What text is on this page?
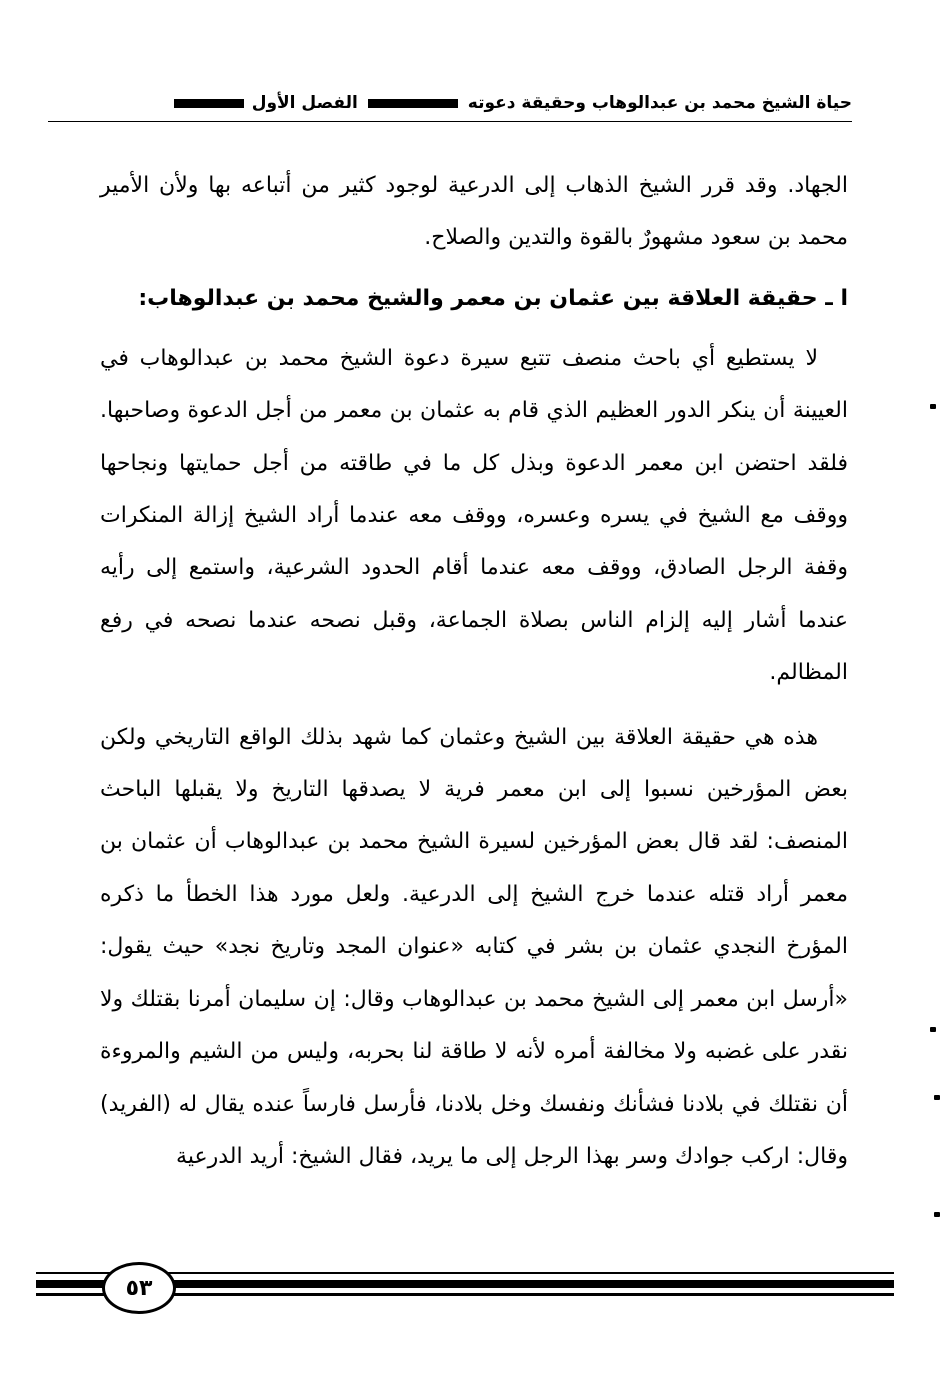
حياة الشيخ محمد بن عبدالوهاب وحقيقة دعوته
الفصل الأول

الجهاد. وقد قرر الشيخ الذهاب إلى الدرعية لوجود كثير من أتباعه بها ولأن الأمير محمد بن سعود مشهورٌ بالقوة والتدين والصلاح.

ا ـ حقيقة العلاقة بين عثمان بن معمر والشيخ محمد بن عبدالوهاب:

لا يستطيع أي باحث منصف تتبع سيرة دعوة الشيخ محمد بن عبدالوهاب في العيينة أن ينكر الدور العظيم الذي قام به عثمان بن معمر من أجل الدعوة وصاحبها. فلقد احتضن ابن معمر الدعوة وبذل كل ما في طاقته من أجل حمايتها ونجاحها ووقف مع الشيخ في يسره وعسره، ووقف معه عندما أراد الشيخ إزالة المنكرات وقفة الرجل الصادق، ووقف معه عندما أقام الحدود الشرعية، واستمع إلى رأيه عندما أشار إليه إلزام الناس بصلاة الجماعة، وقبل نصحه عندما نصحه في رفع المظالم.

هذه هي حقيقة العلاقة بين الشيخ وعثمان كما شهد بذلك الواقع التاريخي ولكن بعض المؤرخين نسبوا إلى ابن معمر فرية لا يصدقها التاريخ ولا يقبلها الباحث المنصف: لقد قال بعض المؤرخين لسيرة الشيخ محمد بن عبدالوهاب أن عثمان بن معمر أراد قتله عندما خرج الشيخ إلى الدرعية. ولعل مورد هذا الخطأ ما ذكره المؤرخ النجدي عثمان بن بشر في كتابه «عنوان المجد وتاريخ نجد» حيث يقول: «أرسل ابن معمر إلى الشيخ محمد بن عبدالوهاب وقال: إن سليمان أمرنا بقتلك ولا نقدر على غضبه ولا مخالفة أمره لأنه لا طاقة لنا بحربه، وليس من الشيم والمروءة أن نقتلك في بلادنا فشأنك ونفسك وخل بلادنا، فأرسل فارساً عنده يقال له (الفريد) وقال: اركب جوادك وسر بهذا الرجل إلى ما يريد، فقال الشيخ: أريد الدرعية

٥٣
